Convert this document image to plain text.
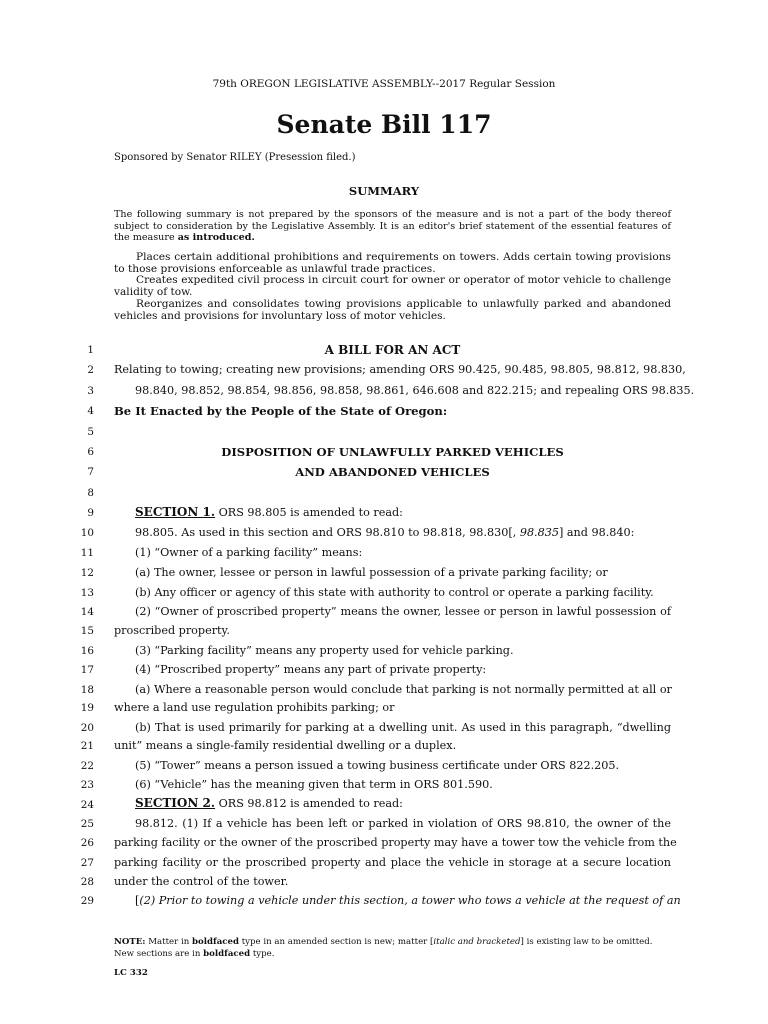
79th OREGON LEGISLATIVE ASSEMBLY--2017 Regular Session
Senate Bill 117
Sponsored by Senator RILEY (Presession filed.)
SUMMARY
The following summary is not prepared by the sponsors of the measure and is not a part of the body thereof subject to consideration by the Legislative Assembly. It is an editor's brief statement of the essential features of the measure as introduced.

Places certain additional prohibitions and requirements on towers. Adds certain towing provisions to those provisions enforceable as unlawful trade practices.

Creates expedited civil process in circuit court for owner or operator of motor vehicle to challenge validity of tow.

Reorganizes and consolidates towing provisions applicable to unlawfully parked and abandoned vehicles and provisions for involuntary loss of motor vehicles.

1	A BILL FOR AN ACT
2 Relating to towing; creating new provisions; amending ORS 90.425, 90.485, 98.805, 98.812, 98.830,
3	98.840, 98.852, 98.854, 98.856, 98.858, 98.861, 646.608 and 822.215; and repealing ORS 98.835.
4 Be It Enacted by the People of the State of Oregon:
5
6	DISPOSITION OF UNLAWFULLY PARKED VEHICLES
7	AND ABANDONED VEHICLES
8
9	SECTION 1. ORS 98.805 is amended to read:
10	98.805. As used in this section and ORS 98.810 to 98.818, 98.830[, 98.835] and 98.840:
11	(1) “Owner of a parking facility” means:
12	(a) The owner, lessee or person in lawful possession of a private parking facility; or
13	(b) Any officer or agency of this state with authority to control or operate a parking facility.
14	(2) “Owner of proscribed property” means the owner, lessee or person in lawful possession of
15 proscribed property.
16	(3) “Parking facility” means any property used for vehicle parking.
17	(4) “Proscribed property” means any part of private property:
18	(a) Where a reasonable person would conclude that parking is not normally permitted at all or
19 where a land use regulation prohibits parking; or
20	(b) That is used primarily for parking at a dwelling unit. As used in this paragraph, “dwelling
21 unit” means a single-family residential dwelling or a duplex.
22	(5) “Tower” means a person issued a towing business certificate under ORS 822.205.
23	(6) “Vehicle” has the meaning given that term in ORS 801.590.
24	SECTION 2. ORS 98.812 is amended to read:
25	98.812. (1) If a vehicle has been left or parked in violation of ORS 98.810, the owner of the
26 parking facility or the owner of the proscribed property may have a tower tow the vehicle from the
27 parking facility or the proscribed property and place the vehicle in storage at a secure location
28 under the control of the tower.
29	[(2) Prior to towing a vehicle under this section, a tower who tows a vehicle at the request of an
NOTE: Matter in boldfaced type in an amended section is new; matter [italic and bracketed] is existing law to be omitted.
New sections are in boldfaced type.
LC 332
